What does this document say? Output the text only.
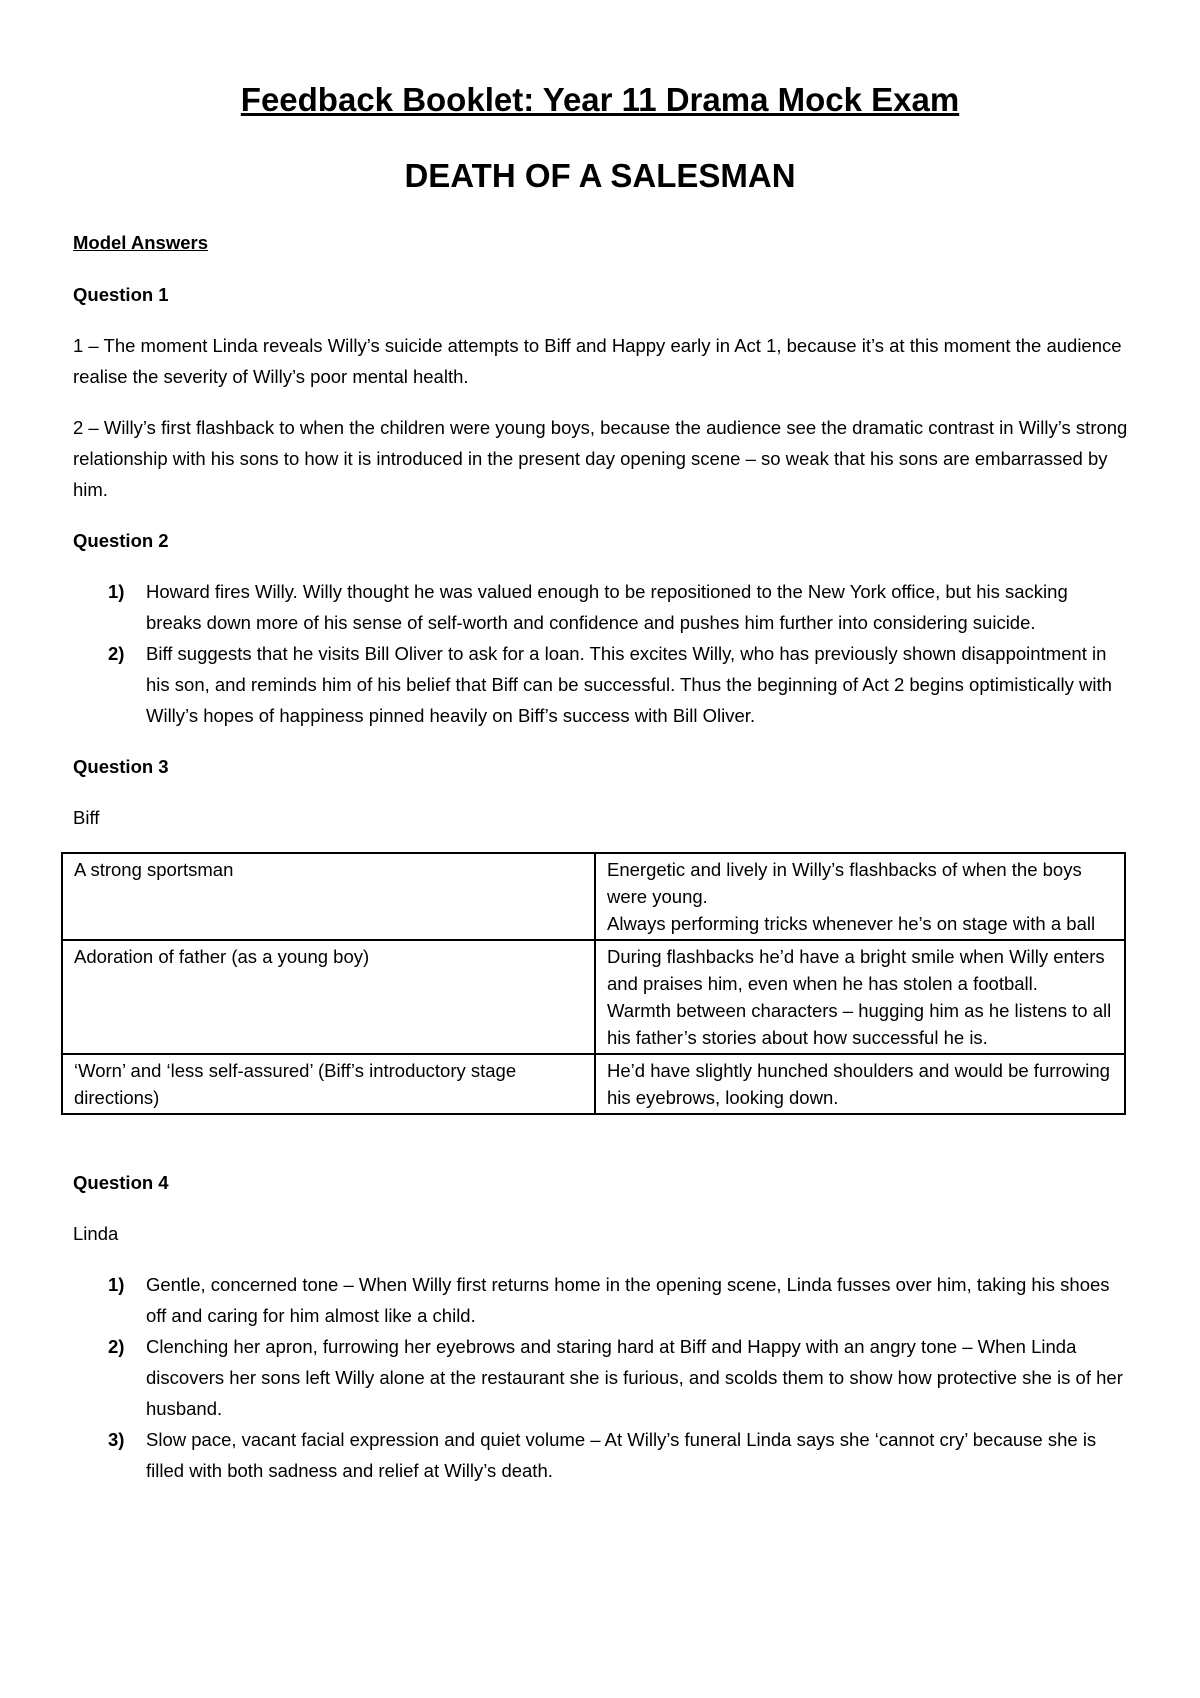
Feedback Booklet: Year 11 Drama Mock Exam
DEATH OF A SALESMAN

Model Answers

Question 1

1 – The moment Linda reveals Willy’s suicide attempts to Biff and Happy early in Act 1, because it’s at this moment the audience realise the severity of Willy’s poor mental health.

2 – Willy’s first flashback to when the children were young boys, because the audience see the dramatic contrast in Willy’s strong relationship with his sons to how it is introduced in the present day opening scene – so weak that his sons are embarrassed by him.

Question 2

1) Howard fires Willy. Willy thought he was valued enough to be repositioned to the New York office, but his sacking breaks down more of his sense of self-worth and confidence and pushes him further into considering suicide.
2) Biff suggests that he visits Bill Oliver to ask for a loan. This excites Willy, who has previously shown disappointment in his son, and reminds him of his belief that Biff can be successful. Thus the beginning of Act 2 begins optimistically with Willy’s hopes of happiness pinned heavily on Biff’s success with Bill Oliver.

Question 3

Biff

A strong sportsman	Energetic and lively in Willy’s flashbacks of when the boys were young.
Always performing tricks whenever he’s on stage with a ball

Adoration of father (as a young boy)	During flashbacks he’d have a bright smile when Willy enters and praises him, even when he has stolen a football.
Warmth between characters – hugging him as he listens to all his father’s stories about how successful he is.

‘Worn’ and ‘less self-assured’ (Biff’s introductory stage directions)	He’d have slightly hunched shoulders and would be furrowing his eyebrows, looking down.

Question 4

Linda

1) Gentle, concerned tone – When Willy first returns home in the opening scene, Linda fusses over him, taking his shoes off and caring for him almost like a child.
2) Clenching her apron, furrowing her eyebrows and staring hard at Biff and Happy with an angry tone – When Linda discovers her sons left Willy alone at the restaurant she is furious, and scolds them to show how protective she is of her husband.
3) Slow pace, vacant facial expression and quiet volume – At Willy’s funeral Linda says she ‘cannot cry’ because she is filled with both sadness and relief at Willy’s death.
